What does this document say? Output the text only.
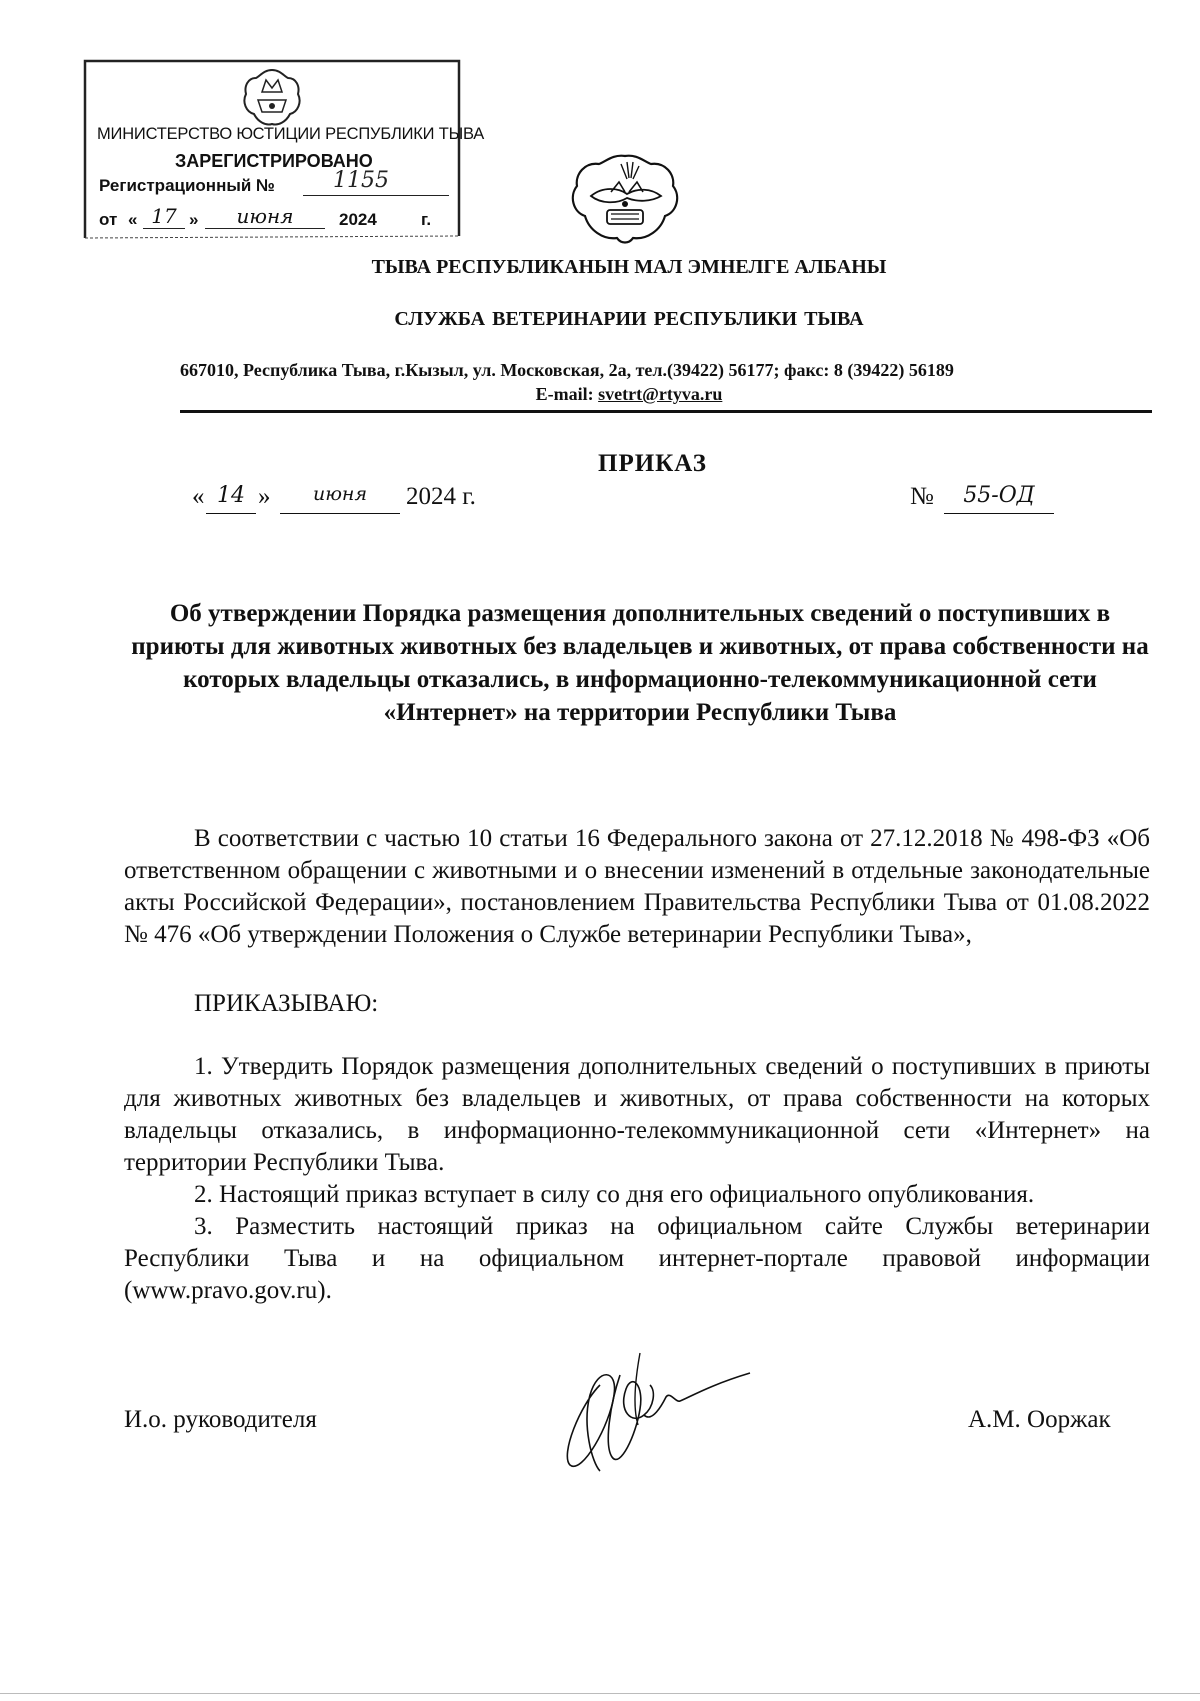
МИНИСТЕРСТВО ЮСТИЦИИ РЕСПУБЛИКИ ТЫВА
ЗАРЕГИСТРИРОВАНО
Регистрационный №	1155
от « 17 »	июня	2024	г.
ТЫВА РЕСПУБЛИКАНЫН МАЛ ЭМНЕЛГЕ АЛБАНЫ
СЛУЖБА ВЕТЕРИНАРИИ РЕСПУБЛИКИ ТЫВА
667010, Республика Тыва, г.Кызыл, ул. Московская, 2а, тел.(39422) 56177; факс: 8 (39422) 56189
E-mail: svetrt@rtyva.ru
ПРИКАЗ
« 14 »	июня	2024 г.	№	55-ОД
Об утверждении Порядка размещения дополнительных сведений о поступивших в приюты для животных животных без владельцев и животных, от права собственности на которых владельцы отказались, в информационно-телекоммуникационной сети «Интернет» на территории Республики Тыва
В соответствии с частью 10 статьи 16 Федерального закона от 27.12.2018 № 498-ФЗ «Об ответственном обращении с животными и о внесении изменений в отдельные законодательные акты Российской Федерации», постановлением Правительства Республики Тыва от 01.08.2022 № 476 «Об утверждении Положения о Службе ветеринарии Республики Тыва»,
ПРИКАЗЫВАЮ:

1. Утвердить Порядок размещения дополнительных сведений о поступивших в приюты для животных животных без владельцев и животных, от права собственности на которых владельцы отказались, в информационно-телекоммуникационной сети «Интернет» на территории Республики Тыва.

2. Настоящий приказ вступает в силу со дня его официального опубликования.

3. Разместить настоящий приказ на официальном сайте Службы ветеринарии Республики Тыва и на официальном интернет-портале правовой информации (www.pravo.gov.ru).

И.о. руководителя	А.М. Ооржак
